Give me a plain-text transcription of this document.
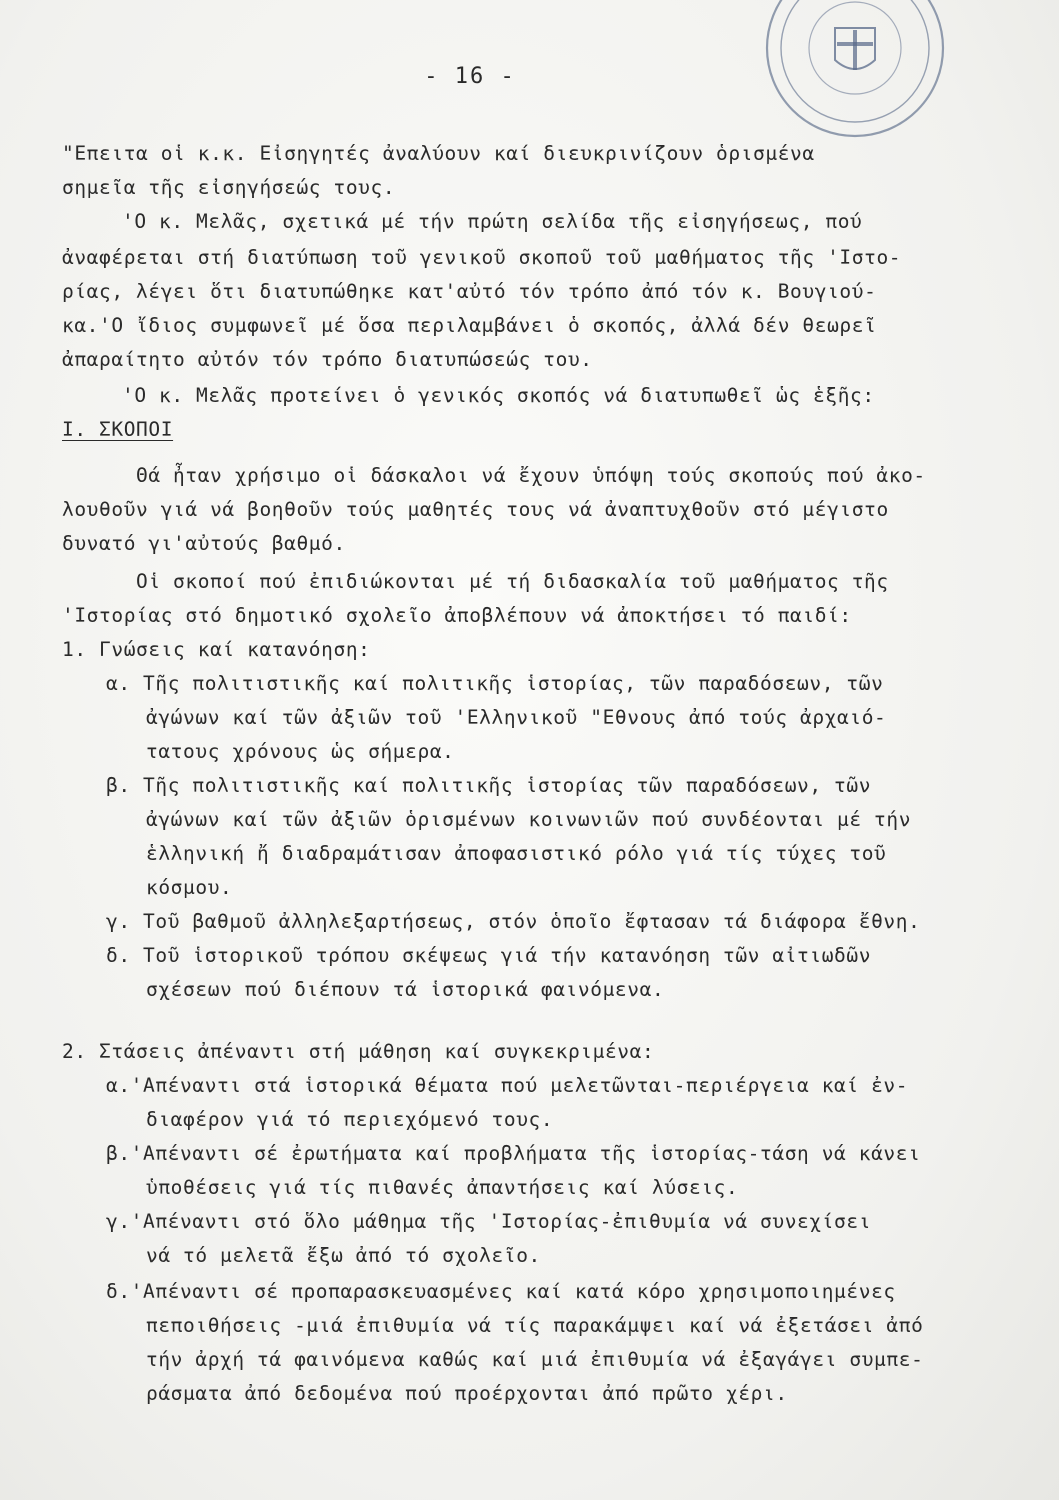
- 16 -
"Επειτα οἱ κ.κ. Εἰσηγητές ἀναλύουν καί διευκρινίζουν ὁρισμένα
σημεῖα τῆς εἰσηγήσεώς τους.
'Ο κ. Μελᾶς, σχετικά μέ τήν πρώτη σελίδα τῆς εἰσηγήσεως, πού
ἀναφέρεται στή διατύπωση τοῦ γενικοῦ σκοποῦ τοῦ μαθήματος τῆς 'Ιστο-
ρίας, λέγει ὅτι διατυπώθηκε κατ'αὐτό τόν τρόπο ἀπό τόν κ. Βουγιού-
κα.'Ο ἴδιος συμφωνεῖ μέ ὅσα περιλαμβάνει ὁ σκοπός, ἀλλά δέν θεωρεῖ
ἀπαραίτητο αὐτόν τόν τρόπο διατυπώσεώς του.
'Ο κ. Μελᾶς προτείνει ὁ γενικός σκοπός νά διατυπωθεῖ ὡς ἑξῆς:
Ι. ΣΚΟΠΟΙ
Θά ἦταν χρήσιμο οἱ δάσκαλοι νά ἔχουν ὑπόψη τούς σκοπούς πού ἀκο-
λουθοῦν γιά νά βοηθοῦν τούς μαθητές τους νά ἀναπτυχθοῦν στό μέγιστο
δυνατό γι'αὐτούς βαθμό.
Οἱ σκοποί πού ἐπιδιώκονται μέ τή διδασκαλία τοῦ μαθήματος τῆς
'Ιστορίας στό δημοτικό σχολεῖο ἀποβλέπουν νά ἀποκτήσει τό παιδί:
1. Γνώσεις καί κατανόηση:
α. Τῆς πολιτιστικῆς καί πολιτικῆς ἱστορίας, τῶν παραδόσεων, τῶν
ἀγώνων καί τῶν ἀξιῶν τοῦ 'Ελληνικοῦ "Εθνους ἀπό τούς ἀρχαιό-
τατους χρόνους ὡς σήμερα.
β. Τῆς πολιτιστικῆς καί πολιτικῆς ἱστορίας τῶν παραδόσεων, τῶν
ἀγώνων καί τῶν ἀξιῶν ὁρισμένων κοινωνιῶν πού συνδέονται μέ τήν
ἑλληνική ἤ διαδραμάτισαν ἀποφασιστικό ρόλο γιά τίς τύχες τοῦ
κόσμου.
γ. Τοῦ βαθμοῦ ἀλληλεξαρτήσεως, στόν ὁποῖο ἔφτασαν τά διάφορα ἔθνη.
δ. Τοῦ ἱστορικοῦ τρόπου σκέψεως γιά τήν κατανόηση τῶν αἰτιωδῶν
σχέσεων πού διέπουν τά ἱστορικά φαινόμενα.
2. Στάσεις ἀπέναντι στή μάθηση καί συγκεκριμένα:
α.'Απέναντι στά ἱστορικά θέματα πού μελετῶνται-περιέργεια καί ἐν-
διαφέρον γιά τό περιεχόμενό τους.
β.'Απέναντι σέ ἐρωτήματα καί προβλήματα τῆς ἱστορίας-τάση νά κάνει
ὑποθέσεις γιά τίς πιθανές ἀπαντήσεις καί λύσεις.
γ.'Απέναντι στό ὅλο μάθημα τῆς 'Ιστορίας-ἐπιθυμία νά συνεχίσει
νά τό μελετᾶ ἔξω ἀπό τό σχολεῖο.
δ.'Απέναντι σέ προπαρασκευασμένες καί κατά κόρο χρησιμοποιημένες
πεποιθήσεις -μιά ἐπιθυμία νά τίς παρακάμψει καί νά ἐξετάσει ἀπό
τήν ἀρχή τά φαινόμενα καθώς καί μιά ἐπιθυμία νά ἐξαγάγει συμπε-
ράσματα ἀπό δεδομένα πού προέρχονται ἀπό πρῶτο χέρι.
